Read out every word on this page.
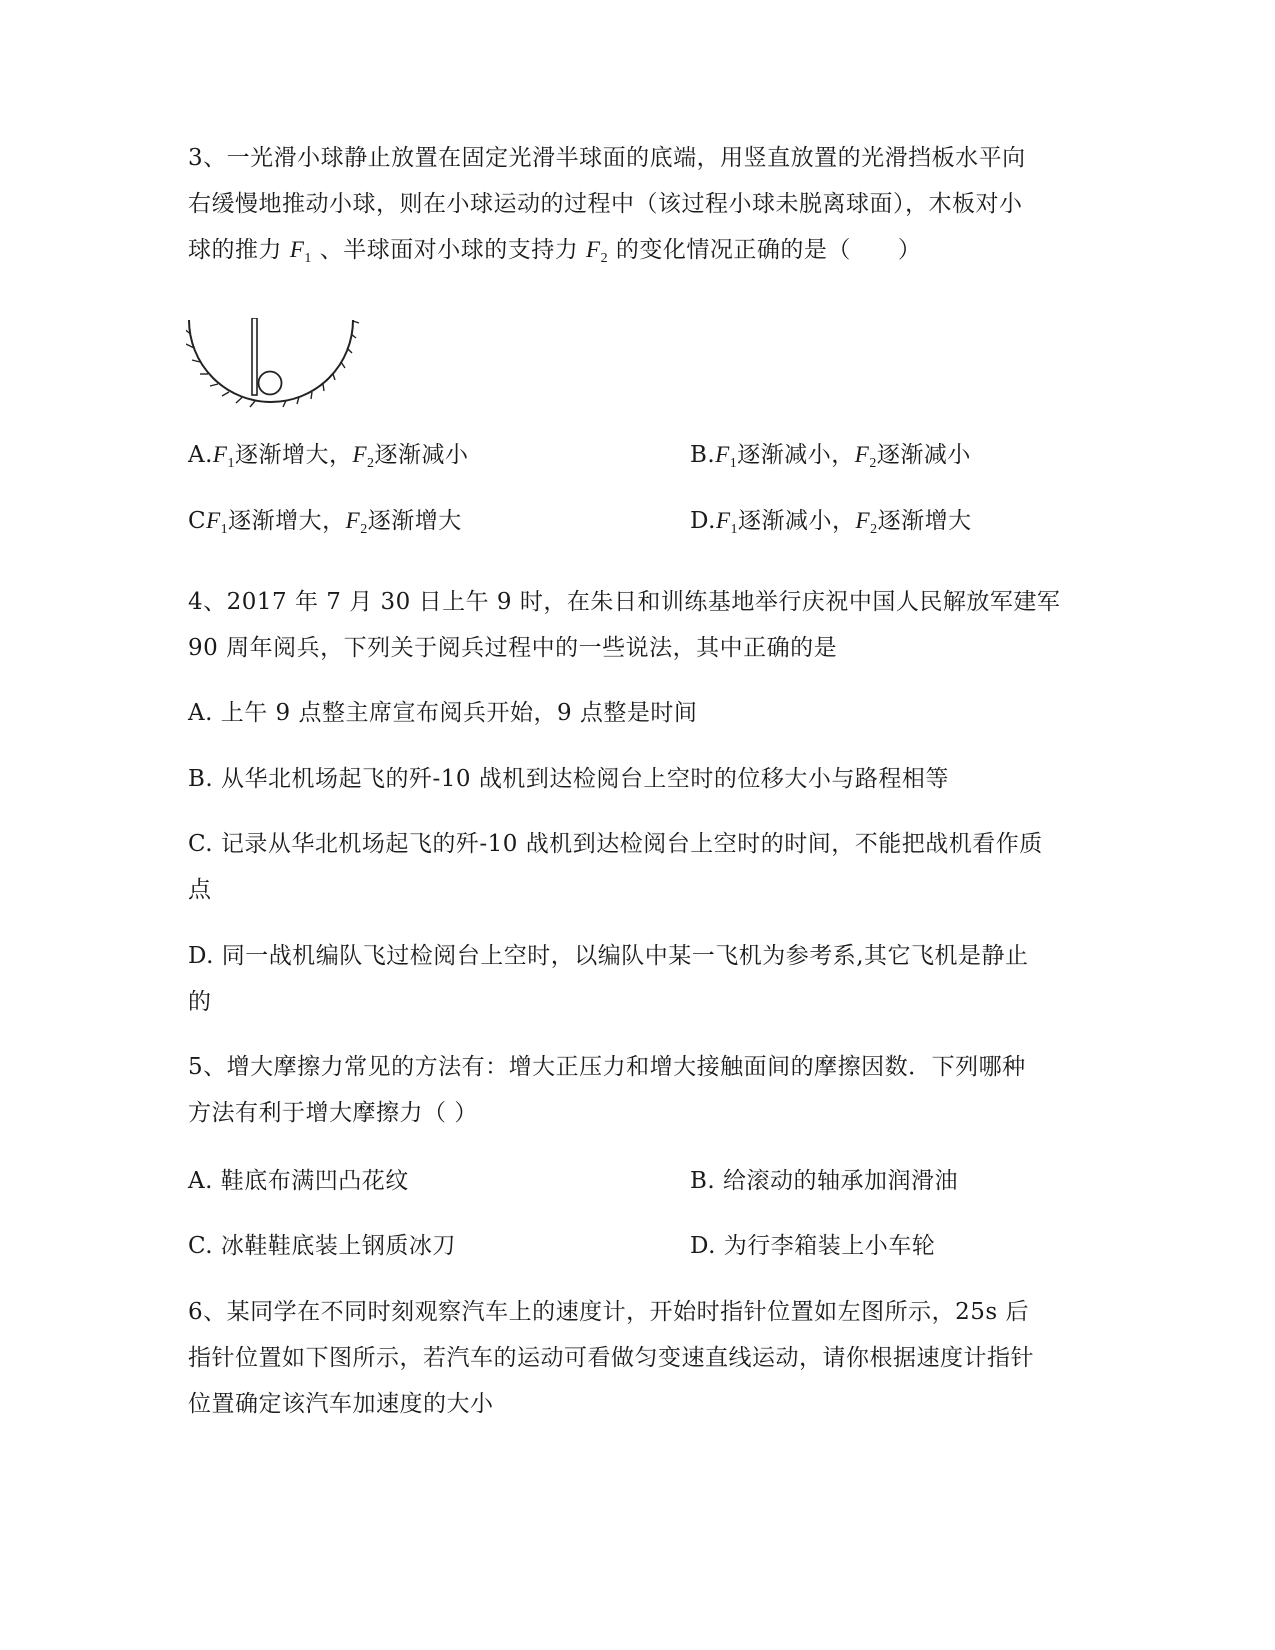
3、一光滑小球静止放置在固定光滑半球面的底端，用竖直放置的光滑挡板水平向
右缓慢地推动小球，则在小球运动的过程中（该过程小球未脱离球面），木板对小
球的推力 $F_1$ 、半球面对小球的支持力 $F_2$ 的变化情况正确的是（　　）
$A.F_1$逐渐增大，$F_2$逐渐减小	$B.F_1$逐渐减小，$F_2$逐渐减小
$CF_1$逐渐增大，$F_2$逐渐增大	$D.F_1$逐渐减小，$F_2$逐渐增大
4、2017 年 7 月 30 日上午 9 时，在朱日和训练基地举行庆祝中国人民解放军建军
90 周年阅兵，下列关于阅兵过程中的一些说法，其中正确的是
A. 上午 9 点整主席宣布阅兵开始，9 点整是时间
B. 从华北机场起飞的歼-10 战机到达检阅台上空时的位移大小与路程相等
C. 记录从华北机场起飞的歼-10 战机到达检阅台上空时的时间，不能把战机看作质
点
D. 同一战机编队飞过检阅台上空时，以编队中某一飞机为参考系,其它飞机是静止
的
5、增大摩擦力常见的方法有：增大正压力和增大接触面间的摩擦因数．下列哪种
方法有利于增大摩擦力（ ）
A. 鞋底布满凹凸花纹	B. 给滚动的轴承加润滑油
C. 冰鞋鞋底装上钢质冰刀	D. 为行李箱装上小车轮
6、某同学在不同时刻观察汽车上的速度计，开始时指针位置如左图所示，25s 后
指针位置如下图所示，若汽车的运动可看做匀变速直线运动，请你根据速度计指针
位置确定该汽车加速度的大小
